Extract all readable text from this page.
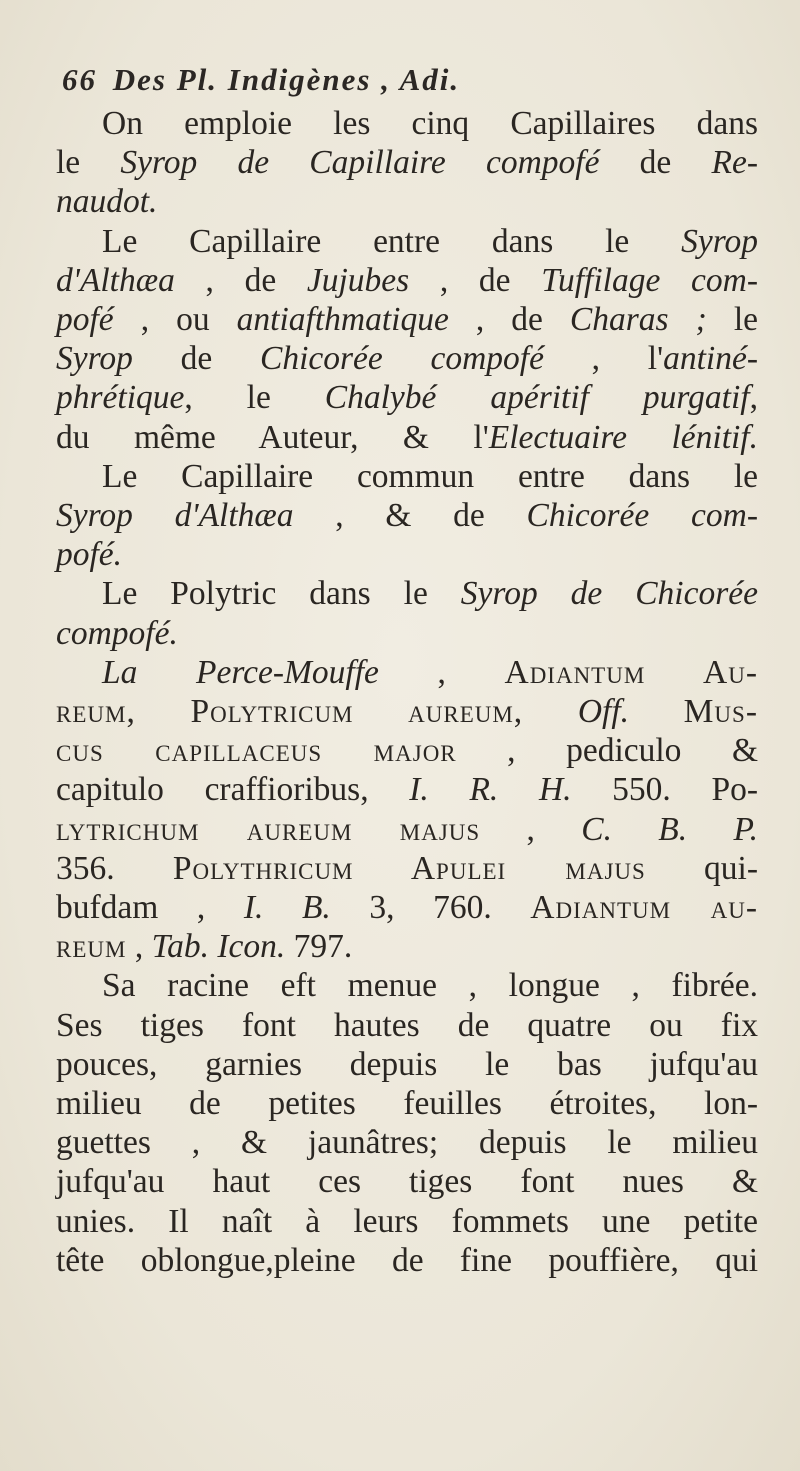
66 Des Pl. Indigènes , Adi.
On emploie les cinq Capillaires dans
le Syrop de Capillaire compofé de Re-
naudot.
Le Capillaire entre dans le Syrop
d'Althæa , de Jujubes , de Tuffilage com-
pofé , ou antiafthmatique , de Charas ; le
Syrop de Chicorée compofé , l'antiné-
phrétique, le Chalybé apéritif purgatif,
du même Auteur, & l'Electuaire lénitif.
Le Capillaire commun entre dans le
Syrop d'Althæa , & de Chicorée com-
pofé.
Le Polytric dans le Syrop de Chicorée
compofé.
La Perce-Mouffe , Adiantum Au-
reum, Polytricum aureum, Off. Mus-
cus capillaceus major , pediculo &
capitulo craffioribus, I. R. H. 550. Po-
lytrichum aureum majus , C. B. P.
356. Polythricum Apulei majus qui-
bufdam , I. B. 3, 760. Adiantum au-
reum , Tab. Icon. 797.
Sa racine eft menue , longue , fibrée.
Ses tiges font hautes de quatre ou fix
pouces, garnies depuis le bas jufqu'au
milieu de petites feuilles étroites, lon-
guettes , & jaunâtres; depuis le milieu
jufqu'au haut ces tiges font nues &
unies. Il naît à leurs fommets une petite
tête oblongue,pleine de fine pouffière, qui
